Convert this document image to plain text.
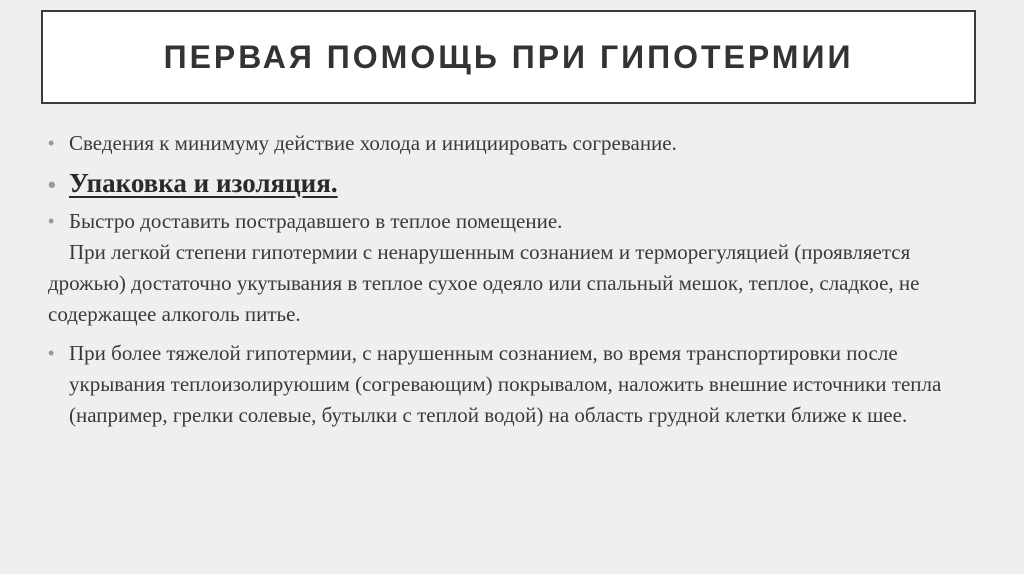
ПЕРВАЯ ПОМОЩЬ ПРИ ГИПОТЕРМИИ
• Сведения к минимуму действие холода и инициировать согревание.
• Упаковка и изоляция.
• Быстро доставить пострадавшего в теплое помещение.

При легкой степени гипотермии с ненарушенным сознанием и терморегуляцией (проявляется дрожью) достаточно укутывания в теплое сухое одеяло или спальный мешок, теплое, сладкое, не содержащее алкоголь питье.

• При более тяжелой гипотермии, с нарушенным сознанием, во время транспортировки после укрывания теплоизолируюшим (согревающим) покрывалом, наложить внешние источники тепла (например, грелки солевые, бутылки с теплой водой) на область грудной клетки ближе к шее.
